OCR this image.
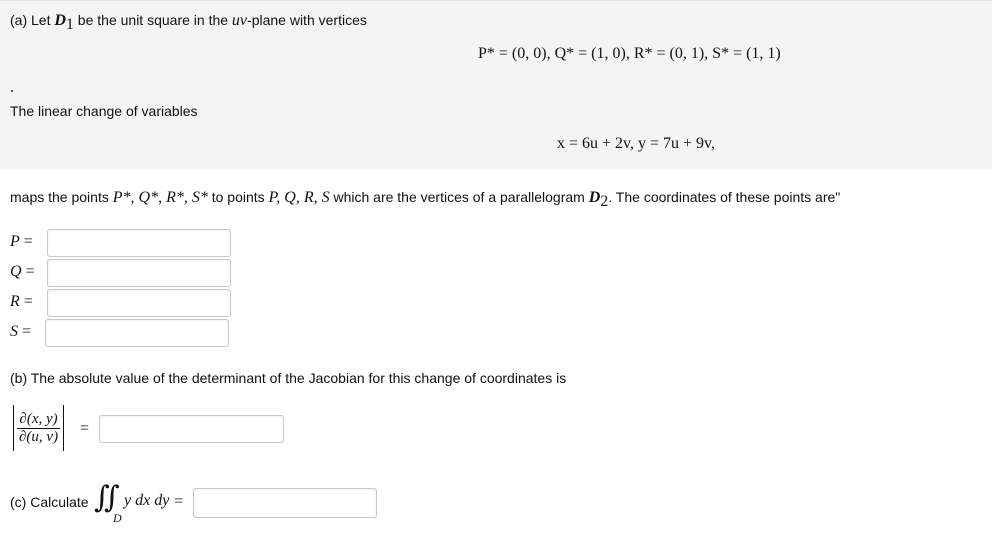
(a) Let $D_1$ be the unit square in the uv-plane with vertices
P* = (0, 0), Q* = (1, 0), R* = (0, 1), S* = (1, 1)
The linear change of variables
x = 6u + 2v, y = 7u + 9v,
maps the points P*, Q*, R*, S* to points P, Q, R, S which are the vertices of a parallelogram $D_2$. The coordinates of these points are"
P =
Q =
R =
S =
(b) The absolute value of the determinant of the Jacobian for this change of coordinates is
$\frac{\partial(x, y)}{\partial(u, v)}$ =
(c) Calculate ∬
D
y dx dy =
